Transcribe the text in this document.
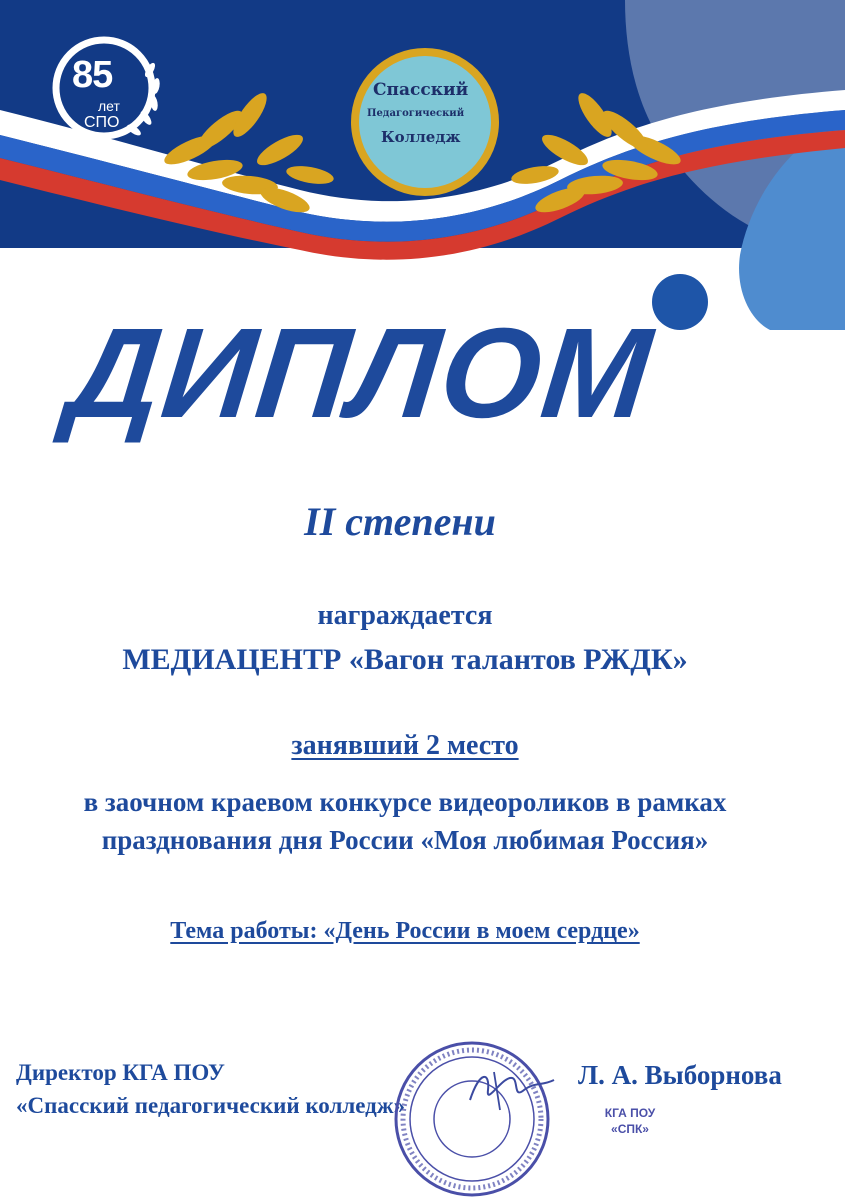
85
лет
СПО
Спасский
Педагогический
Колледж
ДИПЛОМ
II степени
награждается
МЕДИАЦЕНТР «Вагон талантов РЖДК»
занявший 2 место
в заочном краевом конкурсе видеороликов в рамках
празднования дня России «Моя любимая Россия»
Тема работы: «День России в моем сердце»
Директор КГА ПОУ
«Спасский педагогический колледж»	КГА ПОУ
«СПК»
Л. А. Выборнова
